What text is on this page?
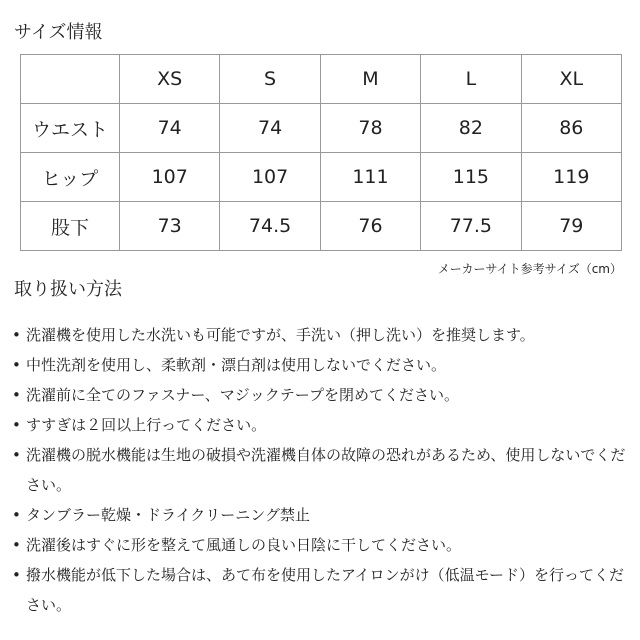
サイズ情報
	XS	S	M	L	XL
ウエスト	74	74	78	82	86
ヒップ	107	107	111	115	119
股下	73	74.5	76	77.5	79

メーカーサイト参考サイズ（cm）

取り扱い方法
• 洗濯機を使用した水洗いも可能ですが、手洗い（押し洗い）を推奨します。
• 中性洗剤を使用し、柔軟剤・漂白剤は使用しないでください。
• 洗濯前に全てのファスナー、マジックテープを閉めてください。
• すすぎは２回以上行ってください。
• 洗濯機の脱水機能は生地の破損や洗濯機自体の故障の恐れがあるため、使用しないでください。
• タンブラー乾燥・ドライクリーニング禁止
• 洗濯後はすぐに形を整えて風通しの良い日陰に干してください。
• 撥水機能が低下した場合は、あて布を使用したアイロンがけ（低温モード）を行ってください。
